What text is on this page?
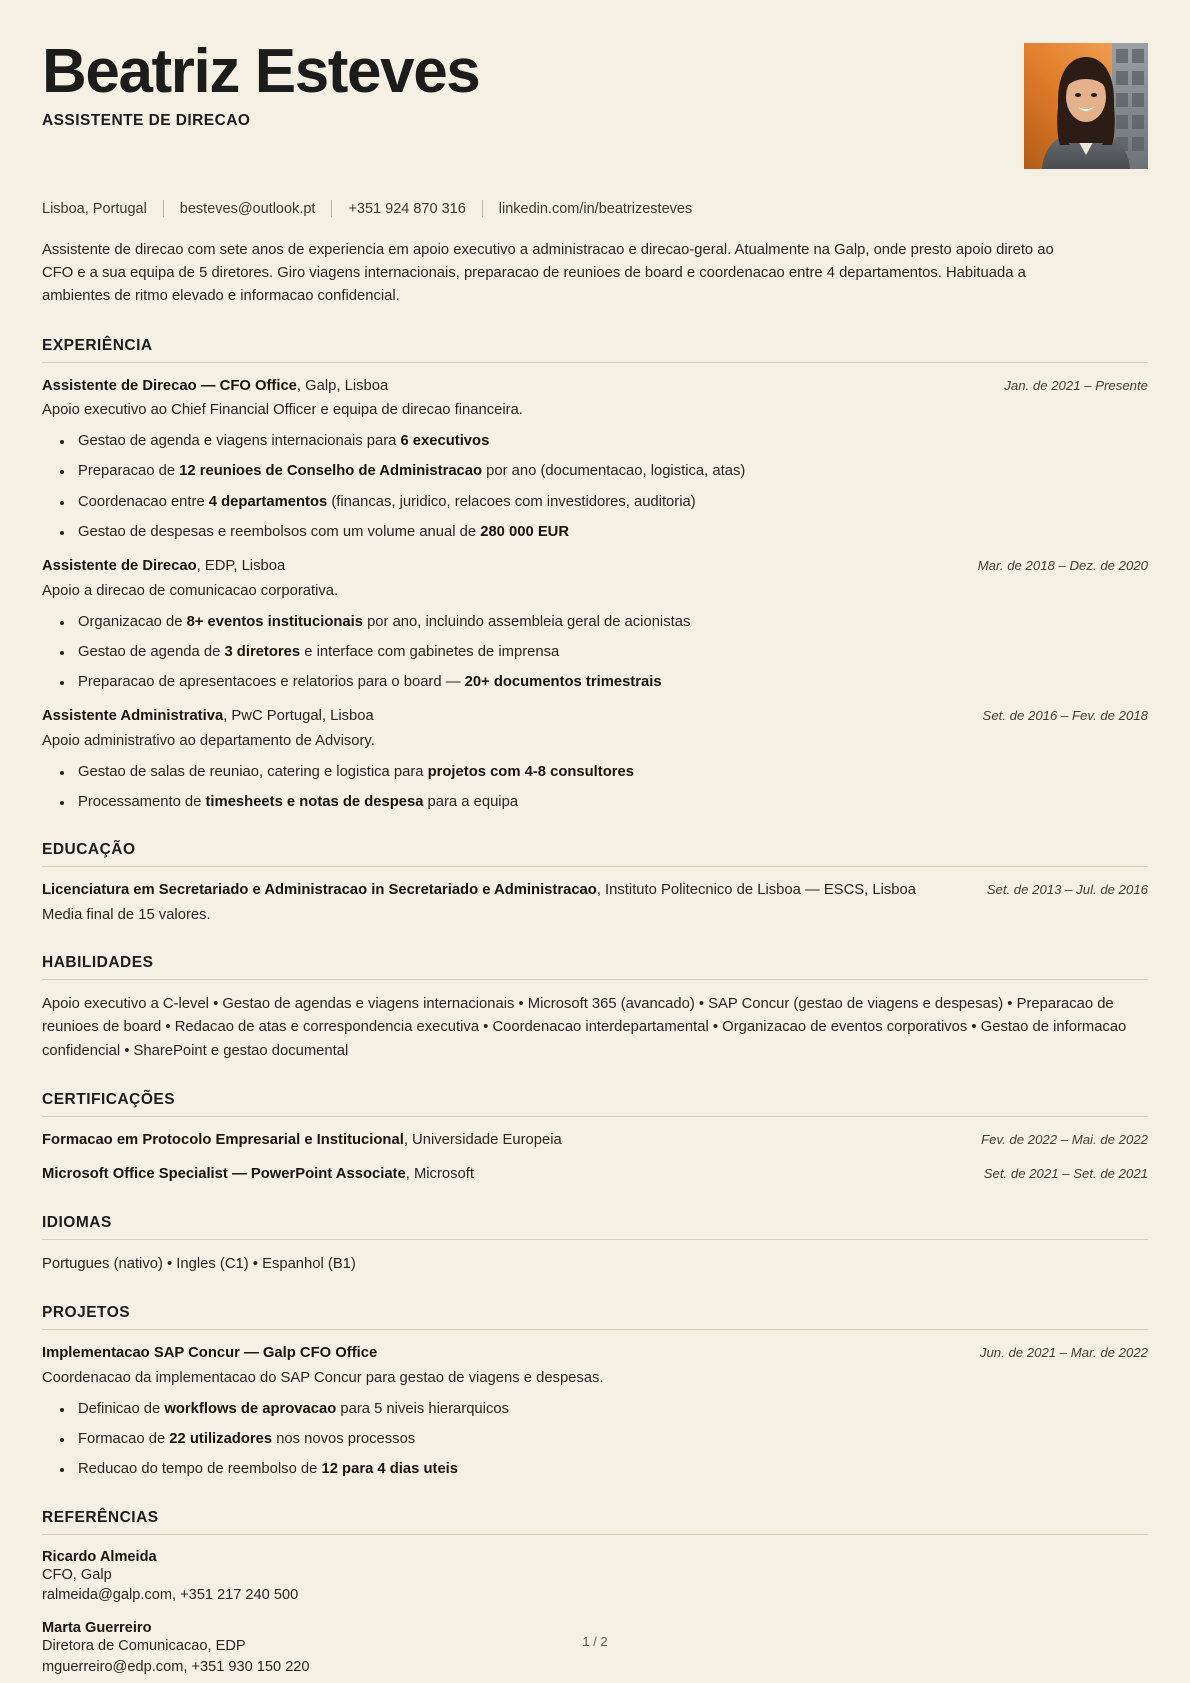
Beatriz Esteves
ASSISTENTE DE DIRECAO
Lisboa, Portugal besteves@outlook.pt +351 924 870 316 linkedin.com/in/beatrizesteves
Assistente de direcao com sete anos de experiencia em apoio executivo a administracao e direcao-geral. Atualmente na Galp, onde presto apoio direto ao CFO e a sua equipa de 5 diretores. Giro viagens internacionais, preparacao de reunioes de board e coordenacao entre 4 departamentos. Habituada a ambientes de ritmo elevado e informacao confidencial.
EXPERIÊNCIA
Assistente de Direcao — CFO Office, Galp, Lisboa	Jan. de 2021 – Presente
Apoio executivo ao Chief Financial Officer e equipa de direcao financeira.
• Gestao de agenda e viagens internacionais para 6 executivos
• Preparacao de 12 reunioes de Conselho de Administracao por ano (documentacao, logistica, atas)
• Coordenacao entre 4 departamentos (financas, juridico, relacoes com investidores, auditoria)
• Gestao de despesas e reembolsos com um volume anual de 280 000 EUR
Assistente de Direcao, EDP, Lisboa	Mar. de 2018 – Dez. de 2020
Apoio a direcao de comunicacao corporativa.
• Organizacao de 8+ eventos institucionais por ano, incluindo assembleia geral de acionistas
• Gestao de agenda de 3 diretores e interface com gabinetes de imprensa
• Preparacao de apresentacoes e relatorios para o board — 20+ documentos trimestrais
Assistente Administrativa, PwC Portugal, Lisboa	Set. de 2016 – Fev. de 2018
Apoio administrativo ao departamento de Advisory.
• Gestao de salas de reuniao, catering e logistica para projetos com 4-8 consultores
• Processamento de timesheets e notas de despesa para a equipa
EDUCAÇÃO
Licenciatura em Secretariado e Administracao in Secretariado e Administracao, Instituto Politecnico de Lisboa — ESCS, Lisboa	Set. de 2013 – Jul. de 2016
Media final de 15 valores.
HABILIDADES
Apoio executivo a C-level • Gestao de agendas e viagens internacionais • Microsoft 365 (avancado) • SAP Concur (gestao de viagens e despesas) • Preparacao de reunioes de board • Redacao de atas e correspondencia executiva • Coordenacao interdepartamental • Organizacao de eventos corporativos • Gestao de informacao confidencial • SharePoint e gestao documental
CERTIFICAÇÕES
Formacao em Protocolo Empresarial e Institucional, Universidade Europeia	Fev. de 2022 – Mai. de 2022
Microsoft Office Specialist — PowerPoint Associate, Microsoft	Set. de 2021 – Set. de 2021
IDIOMAS
Portugues (nativo) • Ingles (C1) • Espanhol (B1)
PROJETOS
Implementacao SAP Concur — Galp CFO Office	Jun. de 2021 – Mar. de 2022
Coordenacao da implementacao do SAP Concur para gestao de viagens e despesas.
• Definicao de workflows de aprovacao para 5 niveis hierarquicos
• Formacao de 22 utilizadores nos novos processos
• Reducao do tempo de reembolso de 12 para 4 dias uteis
REFERÊNCIAS
Ricardo Almeida
CFO, Galp
ralmeida@galp.com, +351 217 240 500
Marta Guerreiro
Diretora de Comunicacao, EDP
mguerreiro@edp.com, +351 930 150 220
1 / 2
